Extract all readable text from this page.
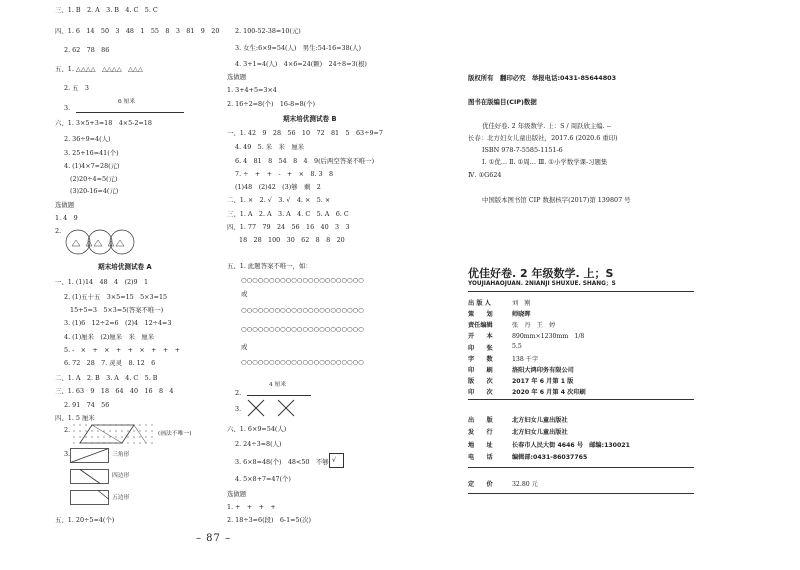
三、1. B　2. A　3. B　4. C　5. C
四、1. 6　14　50　3　48　1　55　8　3　81　9　20
2. 62　78　86
五、1. △△△△　△△△△　△△△
2. 五　3
3.
6 厘米
六、1. 3×5+3=18　4×5-2=18
2. 36÷9=4(人)
3. 25+16=41(个)
4. (1)4×7=28(元)
(2)20÷4=5(元)
(3)20-16=4(元)
选做题
1. 4　9
2.
期末培优测试卷 A
一、1. (1)14　48　4　(2)9　1
2. (1)五十五　3×5=15　5×3=15
15+5=3　5×3=5(答案不唯一)
3. (1)6　12÷2=6　(2)4　12÷4=3
4. (1)厘米　(2)厘米　米　厘米
5. -　×　+　×　+　+　×　+　+　+
6. 72　28　7. 灵灵　8. 12　6
二、1. A　2. B　3. A　4. C　5. B
三、1. 63　9　18　64　40　16　8　4
2. 91　74　56
四、1. 5 厘米
2.	(画法不唯一)
3.	三角形
四边形
五边形
五、1. 20÷5=4(个)
2. 100-52-38=10(元)
3. 女生:6×9=54(人)　男生:54-16=38(人)
4. 3+1=4(人)　4×6=24(颗)　24÷8=3(根)
选做题
1. 3+4+5=3×4
2. 16÷2=8(个)　16-8=8(个)
期末培优测试卷 B
一、1. 42　9　28　56　10　72　81　5　63÷9=7
4. 49　5. 米　米　厘米
6. 4　81　8　54　8　4　9(后两空答案不唯一)
7. ÷　+　+　-　+　×　8. 3　8
(1)48　(2)42　(3)够　剩　2
二、1. ×　2. √　3. √　4. ×　5. ×
三、1. A　2. A　3. A　4. C　5. A　6. C
四、1. 77　79　24　56　16　40　3　3
18　28　100　30　62　8　8　20
五、1. 此题答案不唯一，如：
○○○○○○○○○○○○○○○○○○○○○○
或
○○○○○○○○○○○○○○○○○○○○○○
○○○○○○○○○○○○○○○○○○○○○○
或
○○○○○○○○○○○○○○○○○○○○○○
2.
4 厘米
3.
六、1. 6×9=54(人)
2. 24÷3=8(人)
3. 6×8=48(个)　48<50　不够 √
4. 5×8+7=47(个)
选做题
1. +　+　+　+
2. 18÷3=6(段)　6-1=5(次)
– 87 –
版权所有　翻印必究　举报电话:0431-85644803
图书在版编目(CIP)数据
优佳好卷. 2 年级数学. 上：S / 周跃欣主编. --
长春：北方妇女儿童出版社，2017.6 (2020.6 重印)
ISBN 978-7-5585-1151-6
Ⅰ. ①优… Ⅱ. ①周… Ⅲ. ①小学数学课-习题集
Ⅳ. ①G624
中国版本图书馆 CIP 数据核字(2017)第 139807 号
优佳好卷. 2 年级数学. 上；S
YOUJIAHAOJUAN. 2NIANJI SHUXUE. SHANG；S
出 版 人	刘　刚
策　　划	师晓晖
责任编辑	张　丹　王　婷
开　　本	890mm×1230mm　1/8
印　　张	5.5
字　　数	138 千字
印　　刷	洛阳大鸿印务有限公司
版　　次	2017 年 6 月第 1 版
印　　次	2020 年 6 月第 4 次印刷
出　　版	北方妇女儿童出版社
发　　行	北方妇女儿童出版社
地　　址	长春市人民大街 4646 号　邮编:130021
电　　话	编辑部:0431-86037765
定　　价	32.80 元
